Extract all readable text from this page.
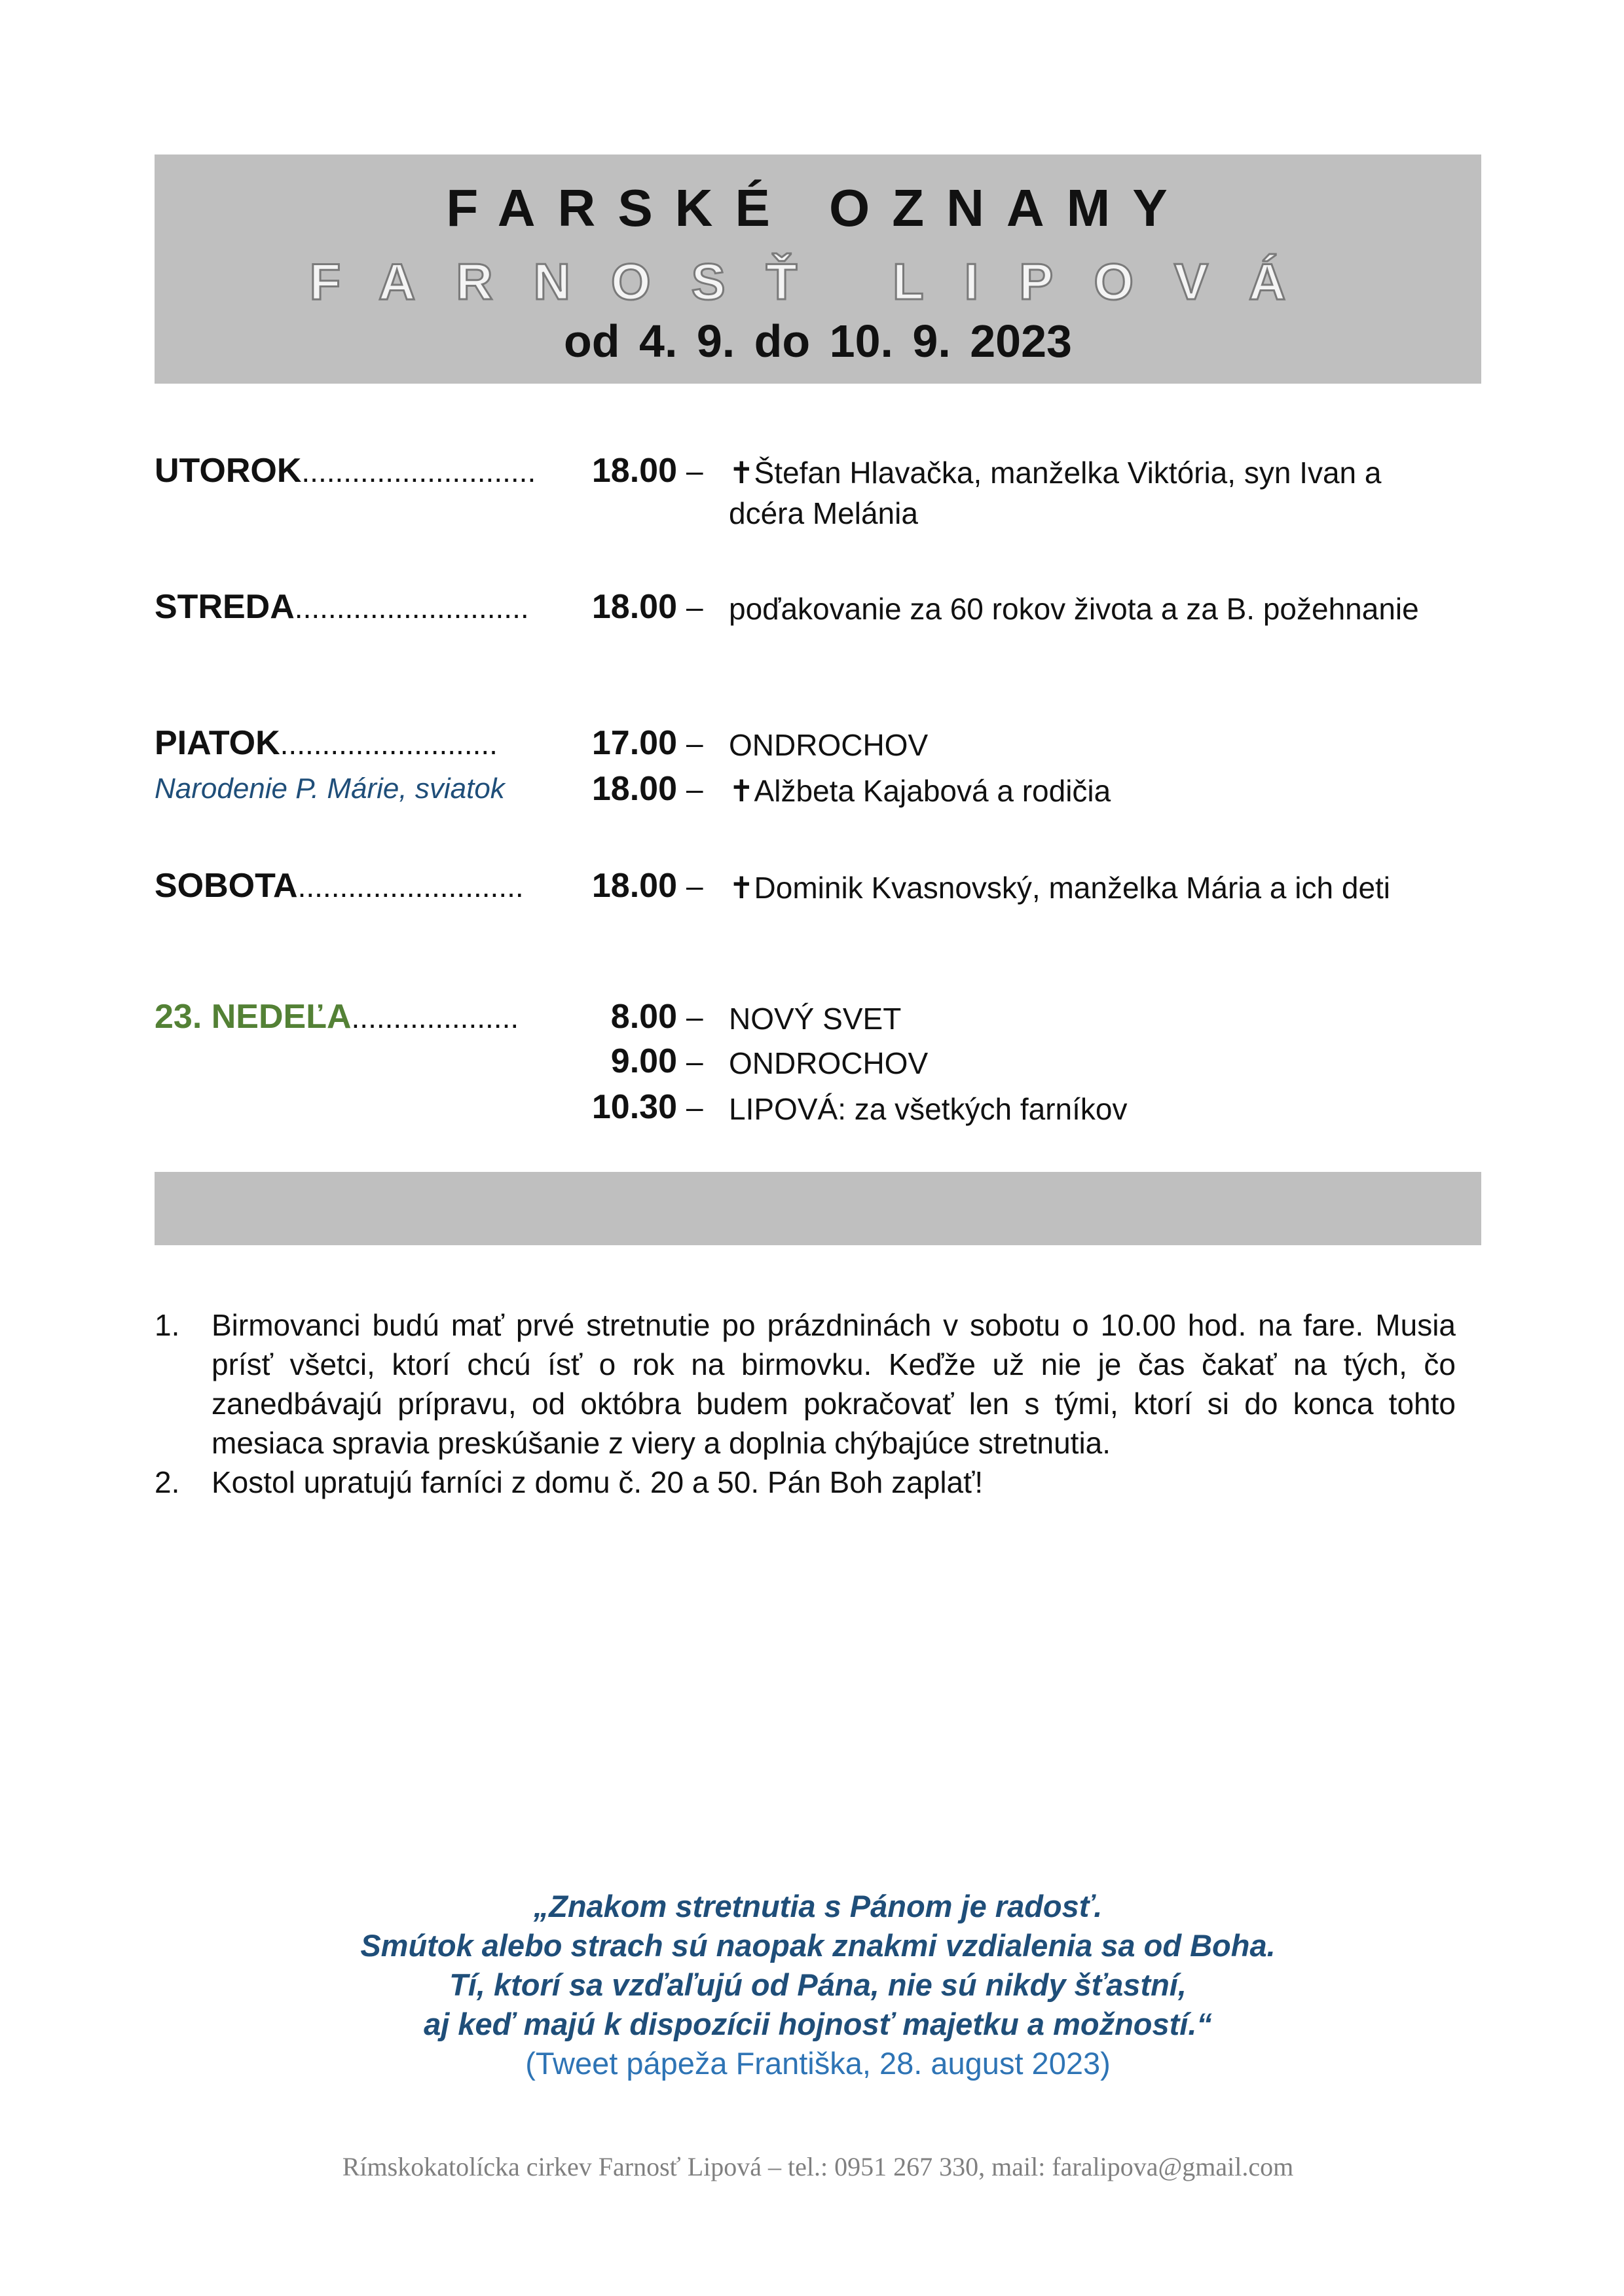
FARSKÉ OZNAMY
FARNOSŤ LIPOVÁ
od 4. 9. do 10. 9. 2023
UTOROK............................	18.00 – ✝Štefan Hlavačka, manželka Viktória, syn Ivan a
dcéra Melánia
STREDA............................	18.00 – poďakovanie za 60 rokov života a za B. požehnanie
PIATOK..........................	17.00 – ONDROCHOV
Narodenie P. Márie, sviatok	18.00 – ✝Alžbeta Kajabová a rodičia
SOBOTA...........................	18.00 – ✝Dominik Kvasnovský, manželka Mária a ich deti
23. NEDEĽA....................	8.00 – NOVÝ SVET
9.00 – ONDROCHOV
10.30 – LIPOVÁ: za všetkých farníkov
1. Birmovanci budú mať prvé stretnutie po prázdninách v sobotu o 10.00 hod. na fare. Musia prísť všetci, ktorí chcú ísť o rok na birmovku. Keďže už nie je čas čakať na tých, čo zanedbávajú prípravu, od októbra budem pokračovať len s tými, ktorí si do konca tohto mesiaca spravia preskúšanie z viery a doplnia chýbajúce stretnutia.
2. Kostol upratujú farníci z domu č. 20 a 50. Pán Boh zaplať!
„Znakom stretnutia s Pánom je radosť.
Smútok alebo strach sú naopak znakmi vzdialenia sa od Boha.
Tí, ktorí sa vzďaľujú od Pána, nie sú nikdy šťastní,
aj keď majú k dispozícii hojnosť majetku a možností.“
(Tweet pápeža Františka, 28. august 2023)
Rímskokatolícka cirkev Farnosť Lipová – tel.: 0951 267 330, mail: faralipova@gmail.com
